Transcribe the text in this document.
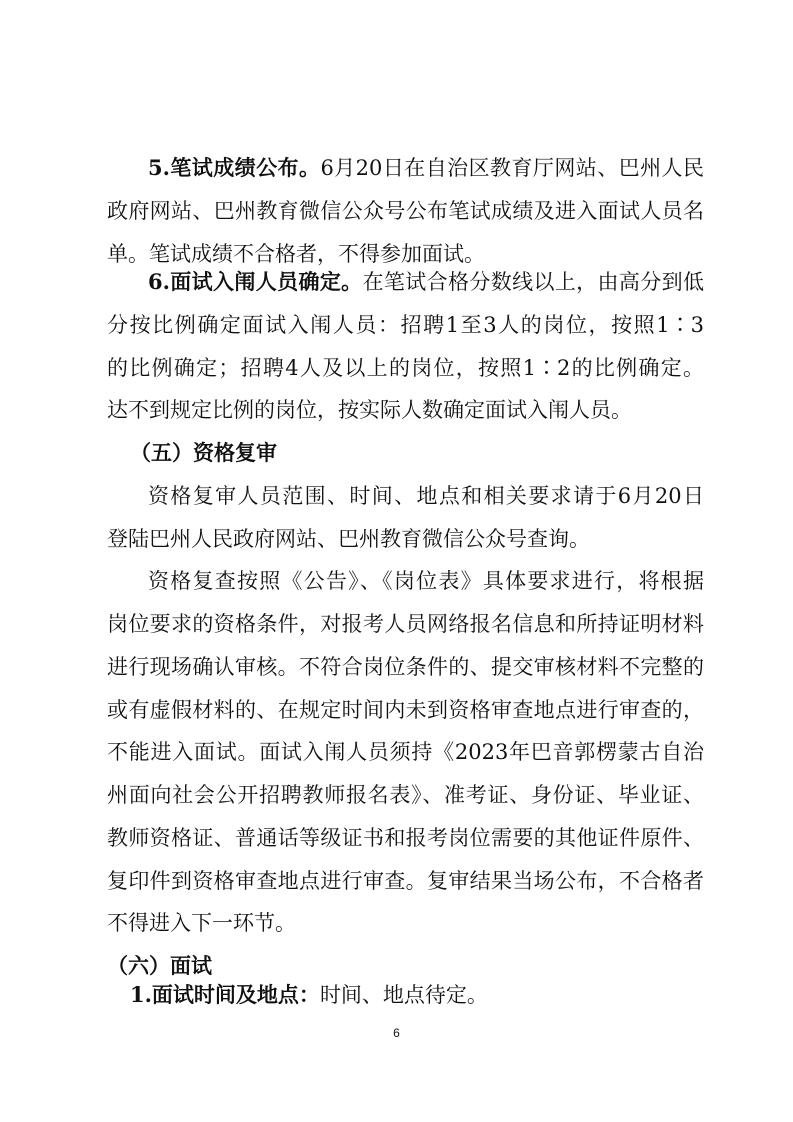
5.笔试成绩公布。6月20日在自治区教育厅网站、巴州人民
政府网站、巴州教育微信公众号公布笔试成绩及进入面试人员名
单。笔试成绩不合格者，不得参加面试。
6.面试入闱人员确定。在笔试合格分数线以上，由高分到低
分按比例确定面试入闱人员：招聘1至3人的岗位，按照1∶3
的比例确定；招聘4人及以上的岗位，按照1∶2的比例确定。
达不到规定比例的岗位，按实际人数确定面试入闱人员。
（五）资格复审
资格复审人员范围、时间、地点和相关要求请于6月20日
登陆巴州人民政府网站、巴州教育微信公众号查询。
资格复查按照《公告》、《岗位表》具体要求进行，将根据
岗位要求的资格条件，对报考人员网络报名信息和所持证明材料
进行现场确认审核。不符合岗位条件的、提交审核材料不完整的
或有虚假材料的、在规定时间内未到资格审查地点进行审查的，
不能进入面试。面试入闱人员须持《2023年巴音郭楞蒙古自治
州面向社会公开招聘教师报名表》、准考证、身份证、毕业证、
教师资格证、普通话等级证书和报考岗位需要的其他证件原件、
复印件到资格审查地点进行审查。复审结果当场公布，不合格者
不得进入下一环节。
（六）面试
1.面试时间及地点：时间、地点待定。
6
